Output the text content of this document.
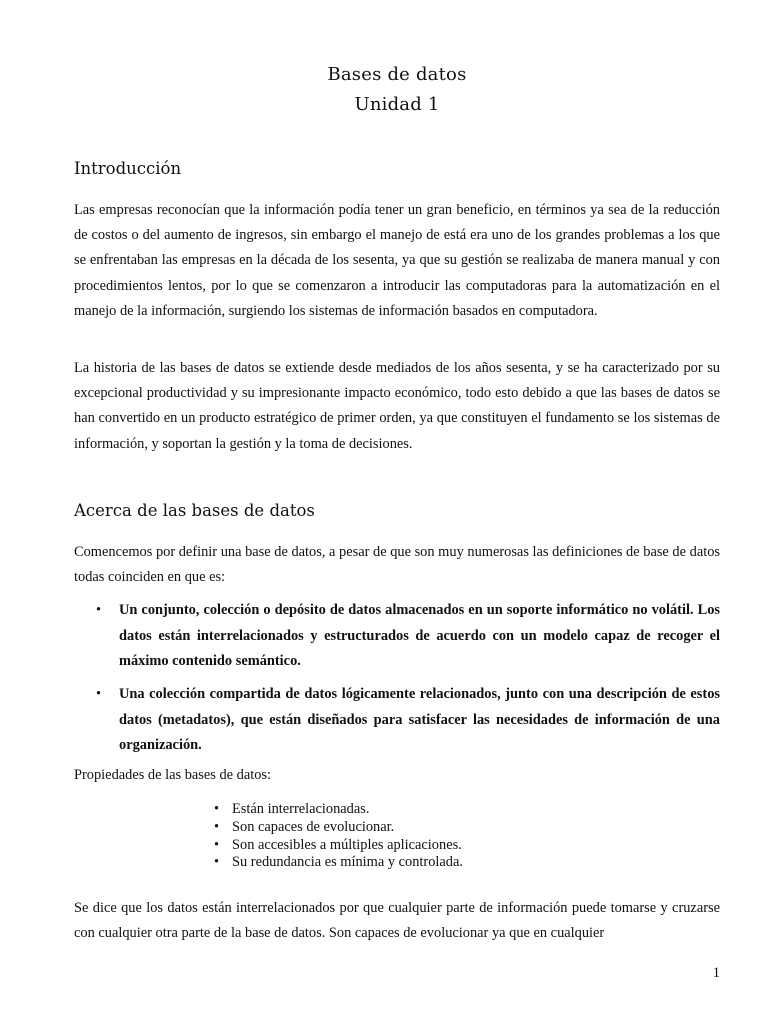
Bases de datos
Unidad 1
Introducción

Las empresas reconocían que la información podía tener un gran beneficio, en términos ya sea de la reducción de costos o del aumento de ingresos, sin embargo el manejo de está era uno de los grandes problemas a los que se enfrentaban las empresas en la década de los sesenta, ya que su gestión se realizaba de manera manual y con procedimientos lentos, por lo que se comenzaron a introducir las computadoras para la automatización en el manejo de la información, surgiendo los sistemas de información basados en computadora.

La historia de las bases de datos se extiende desde mediados de los años sesenta, y se ha caracterizado por su excepcional productividad y su impresionante impacto económico, todo esto debido a que las bases de datos se han convertido en un producto estratégico de primer orden, ya que constituyen el fundamento se los sistemas de información, y soportan la gestión y la toma de decisiones.

Acerca de las bases de datos

Comencemos por definir una base de datos, a pesar de que son muy numerosas las definiciones de base de datos todas coinciden en que es:

• Un conjunto, colección o depósito de datos almacenados en un soporte informático no volátil. Los datos están interrelacionados y estructurados de acuerdo con un modelo capaz de recoger el máximo contenido semántico.
• Una colección compartida de datos lógicamente relacionados, junto con una descripción de estos datos (metadatos), que están diseñados para satisfacer las necesidades de información de una organización.
Propiedades de las bases de datos:
• Están interrelacionadas.
• Son capaces de evolucionar.
• Son accesibles a múltiples aplicaciones.
• Su redundancia es mínima y controlada.

Se dice que los datos están interrelacionados por que cualquier parte de información puede tomarse y cruzarse con cualquier otra parte de la base de datos. Son capaces de evolucionar ya que en cualquier

1
